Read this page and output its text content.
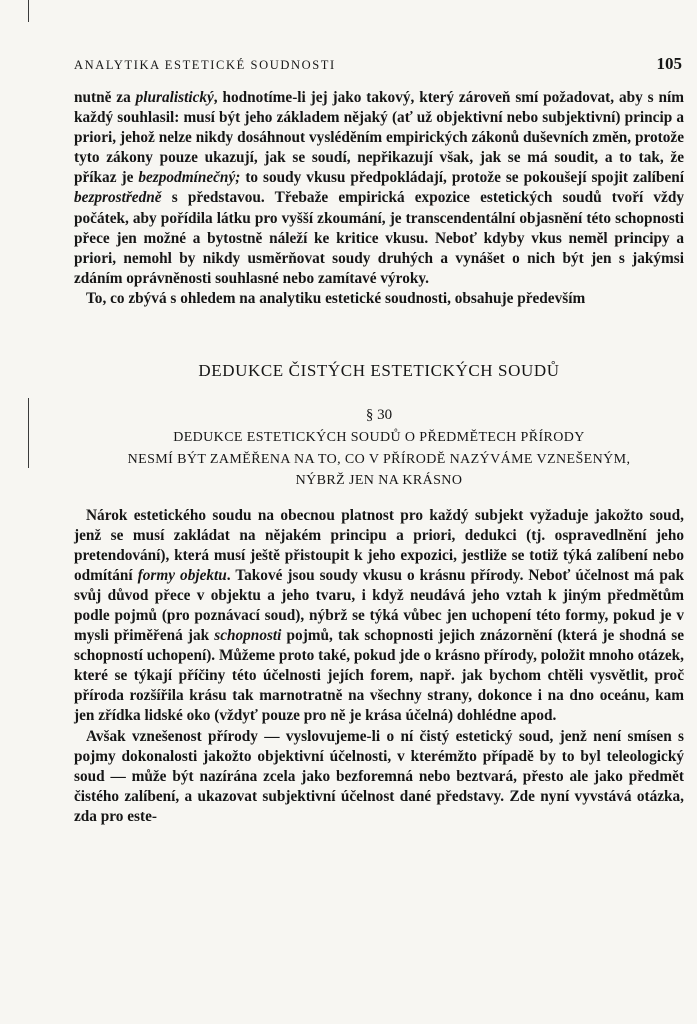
ANALYTIKA ESTETICKÉ SOUDNOSTI	105

nutně za pluralistický, hodnotíme-li jej jako takový, který zároveň smí požadovat, aby s ním každý souhlasil: musí být jeho základem nějaký (ať už objektivní nebo subjektivní) princip a priori, jehož nelze nikdy dosáhnout vysléděním empirických zákonů duševních změn, protože tyto zákony pouze ukazují, jak se soudí, nepřikazují však, jak se má soudit, a to tak, že příkaz je bezpodmínečný; to soudy vkusu předpokládají, protože se pokoušejí spojit zalíbení bezprostředně s představou. Třebaže empirická expozice estetických soudů tvoří vždy počátek, aby pořídila látku pro vyšší zkoumání, je transcendentální objasnění této schopnosti přece jen možné a bytostně náleží ke kritice vkusu. Neboť kdyby vkus neměl principy a priori, nemohl by nikdy usměrňovat soudy druhých a vynášet o nich být jen s jakýmsi zdáním oprávněnosti souhlasné nebo zamítavé výroky.

To, co zbývá s ohledem na analytiku estetické soudnosti, obsahuje především

DEDUKCE ČISTÝCH ESTETICKÝCH SOUDŮ
§ 30
DEDUKCE ESTETICKÝCH SOUDŮ O PŘEDMĚTECH PŘÍRODY
NESMÍ BÝT ZAMĚŘENA NA TO, CO V PŘÍRODĚ NAZÝVÁME VZNEŠENÝM,
NÝBRŽ JEN NA KRÁSNO

Nárok estetického soudu na obecnou platnost pro každý subjekt vyžaduje jakožto soud, jenž se musí zakládat na nějakém principu a priori, dedukci (tj. ospravedlnění jeho pretendování), která musí ještě přistoupit k jeho expozici, jestliže se totiž týká zalíbení nebo odmítání formy objektu. Takové jsou soudy vkusu o krásnu přírody. Neboť účelnost má pak svůj důvod přece v objektu a jeho tvaru, i když neudává jeho vztah k jiným předmětům podle pojmů (pro poznávací soud), nýbrž se týká vůbec jen uchopení této formy, pokud je v mysli přiměřená jak schopnosti pojmů, tak schopnosti jejich znázornění (která je shodná se schopností uchopení). Můžeme proto také, pokud jde o krásno přírody, položit mnoho otázek, které se týkají příčiny této účelnosti jejích forem, např. jak bychom chtěli vysvětlit, proč příroda rozšířila krásu tak marnotratně na všechny strany, dokonce i na dno oceánu, kam jen zřídka lidské oko (vždyť pouze pro ně je krása účelná) dohlédne apod.

Avšak vznešenost přírody — vyslovujeme-li o ní čistý estetický soud, jenž není smísen s pojmy dokonalosti jakožto objektivní účelnosti, v kterémžto případě by to byl teleologický soud — může být nazírána zcela jako bezforemná nebo beztvará, přesto ale jako předmět čistého zalíbení, a ukazovat subjektivní účelnost dané představy. Zde nyní vyvstává otázka, zda pro este-
